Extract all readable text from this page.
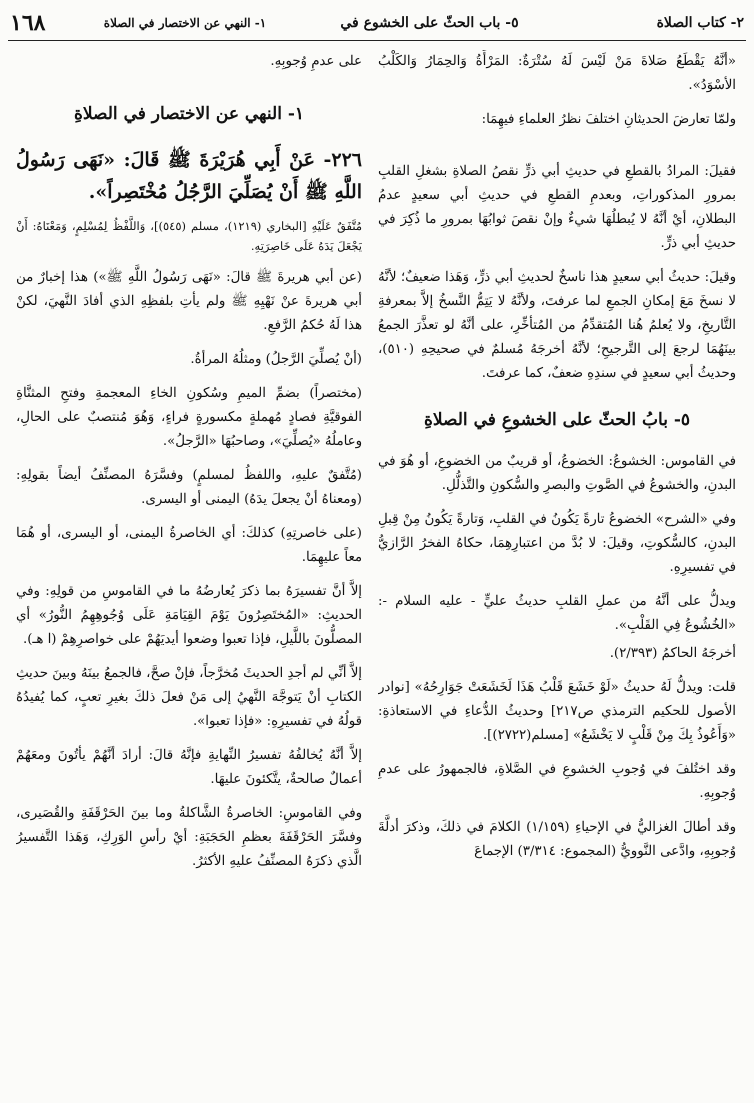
٢- كتاب الصلاة
٥- باب الحثّ على الخشوع في
١- النهي عن الاختصار في الصلاة
١٦٨

«أنَّهُ يَقْطَعُ صَلاةَ مَنْ لَيْسَ لَهُ سُتْرَةٌ: المَرْأَةُ وَالحِمَارُ وَالكَلْبُ الأسْوَدُ».

ولمّا تعارضَ الحديثانِ اختلفَ نظرُ العلماءِ فيهِمَا:

فقيلَ: المرادُ بالقطعِ في حديثِ أبي ذرٍّ نقصُ الصلاةِ بشغلِ القلبِ بمرورِ المذكوراتِ، وبعدمِ القطعِ في حديثِ أبي سعيدٍ عدمُ البطلانِ، أيْ أنَّهُ لا يُبطلُهَا شيءٌ وإنْ نقصَ ثوابُهَا بمرورِ ما ذُكِرَ في حديثِ أبي ذرٍّ.

وقيلَ: حديثُ أبي سعيدٍ هذا ناسخٌ لحديثِ أبي ذرٍّ، وَهَذا ضعيفٌ؛ لأنَّهُ لا نسخَ مَعَ إمكانِ الجمعِ لما عرفتَ، ولأنَّهُ لا يَتِمُّ النَّسخُ إلاَّ بمعرفةِ التَّاريخِ، ولا يُعلمُ هُنا المُتقدِّمُ من المُتأخِّرِ، على أنَّهُ لو تعذَّرَ الجمعُ بينَهُمَا لرجعَ إلى التَّرجيحِ؛ لأنَّهُ أخرجَهُ مُسلمٌ في صحيحِهِ (٥١٠)، وحديثُ أبي سعيدٍ في سندِهِ ضعفٌ، كما عرفتَ.

٥- بابُ الحثّ على الخشوعِ في الصلاةِ

في القاموس: الخشوعُ: الخضوعُ، أو قريبٌ من الخضوعِ، أو هُوَ في البدنِ، والخشوعُ في الصَّوتِ والبصرِ والسُّكونِ والتَّذلُّلِ.

وفي «الشرح» الخضوعُ تارةً يَكُونُ في القلبِ، وَتارةً يَكُونُ مِنْ قِبلِ البدنِ، كالسُّكوتِ، وقيلَ: لا بُدَّ من اعتبارِهِمَا، حكاهُ الفخرُ الرَّازيُّ في تفسيرِهِ.

ويدلُّ على أنَّهُ من عملِ القلبِ حديثُ عليٍّ - عليه السلام -: «الخُشُوعُ فِي القَلْبِ».

أخرجَهُ الحاكمُ (٢/٣٩٣).

قلت: ويدلُّ لَهُ حديثُ «لَوْ خَشَعَ قَلْبُ هَذَا لَخَشَعَتْ جَوَارِحُهُ» [نوادر الأصول للحكيم الترمذي ص٢١٧] وحديثُ الدُّعاءِ في الاستعاذةِ: «وَأَعُوذُ بِكَ مِنْ قَلْبٍ لا يَخْشَعُ» [مسلم(٢٧٢٢)].

وقد اختُلفَ في وُجوبِ الخشوعِ في الصَّلاةِ، فالجمهورُ على عدمِ وُجوبِهِ.

وقد أطالَ الغزاليُّ في الإحياءِ (١/١٥٩) الكلامَ في ذلكَ، وذكرَ أدلَّةَ وُجوبِهِ، وادَّعى النَّوويُّ (المجموع: ٣/٣١٤) الإجماعَ

على عدمِ وُجوبِهِ.

١- النهي عن الاختصار في الصلاةِ
٢٢٦- عَنْ أَبِي هُرَيْرَةَ ﷺ قَالَ: «نَهَى رَسُولُ اللَّهِ ﷺ أَنْ يُصَلِّيَ الرَّجُلُ مُخْتَصِراً».
مُتَّفَقٌ عَلَيْهِ [البخاري (١٢١٩)، مسلم (٥٤٥)]، وَاللَّفْظُ لِمُسْلِمٍ، وَمَعْنَاهُ: أَنْ يَجْعَلَ يَدَهُ عَلَى خَاصِرَتِهِ.

(عن أبي هريرةَ ﷺ قالَ: «نَهَى رَسُولُ اللَّهِ ﷺ») هذا إخبارٌ من أبي هريرةَ عنْ نَهْيِهِ ﷺ ولم يأتِ بلفظِهِ الذي أفادَ النَّهيَ، لكنْ هذا لَهُ حُكمُ الرَّفعِ.

(أنْ يُصلِّيَ الرَّجلُ) ومثلُهُ المرأةُ.

(مختصراً) بضمِّ الميمِ وسُكونِ الخاءِ المعجمةِ وفتحِ المثنَّاةِ الفوقيَّةِ فصادٍ مُهملةٍ مكسورةٍ فراءٍ، وَهُوَ مُنتصبٌ على الحالِ، وعاملُهُ «يُصلِّيَ»، وصاحبُهَا «الرَّجلُ».

(مُتَّفقٌ عليهِ، واللفظُ لمسلمٍ) وفسَّرَهُ المصنِّفُ أيضاً بقولِهِ: (ومعناهُ أنْ يجعلَ يدَهُ) اليمنى أو اليسرى.

(على خاصرتِهِ) كذلكَ: أي الخاصرةُ اليمنى، أو اليسرى، أو هُمَا معاً عليهِمَا.

إلاَّ أنَّ تفسيرَهُ بما ذكرَ يُعارضُهُ ما في القاموسِ من قولِهِ: وفي الحديثِ: «المُختَصِرُونَ يَوْمَ القِيَامَةِ عَلَى وُجُوهِهِمُ النُّورُ» أي المصلُّونَ باللَّيلِ، فإذا تعبوا وضعوا أيديَهُمْ على خواصرِهِمْ (ا هـ).

إلاَّ أنِّي لم أجدِ الحديثَ مُخرَّجاً، فإنْ صحَّ، فالجمعُ بينَهُ وبينَ حديثِ الكتابِ أنْ يَتوجَّهَ النَّهيُ إلى مَنْ فعلَ ذلكَ بغيرِ تعبٍ، كما يُفيدُهُ قولُهُ في تفسيرِهِ: «فإذا تعبوا».

إلاَّ أنَّهُ يُخالفُهُ تفسيرُ النِّهايةِ فإنَّهُ قالَ: أرادَ أنَّهُمْ يأتُونَ ومعَهُمْ أعمالٌ صالحةٌ، يتَّكئونَ عليهَا.

وفي القاموسِ: الخاصرةُ الشَّاكلةُ وما بينَ الحَرْقَفَةِ والقُصَيرى، وفسَّرَ الحَرْقَفَةَ بعظمِ الحَجَبَةِ: أيْ رأسِ الوَرِكِ، وَهَذا التَّفسيرُ الَّذي ذكرَهُ المصنِّفُ عليهِ الأكثرُ.
